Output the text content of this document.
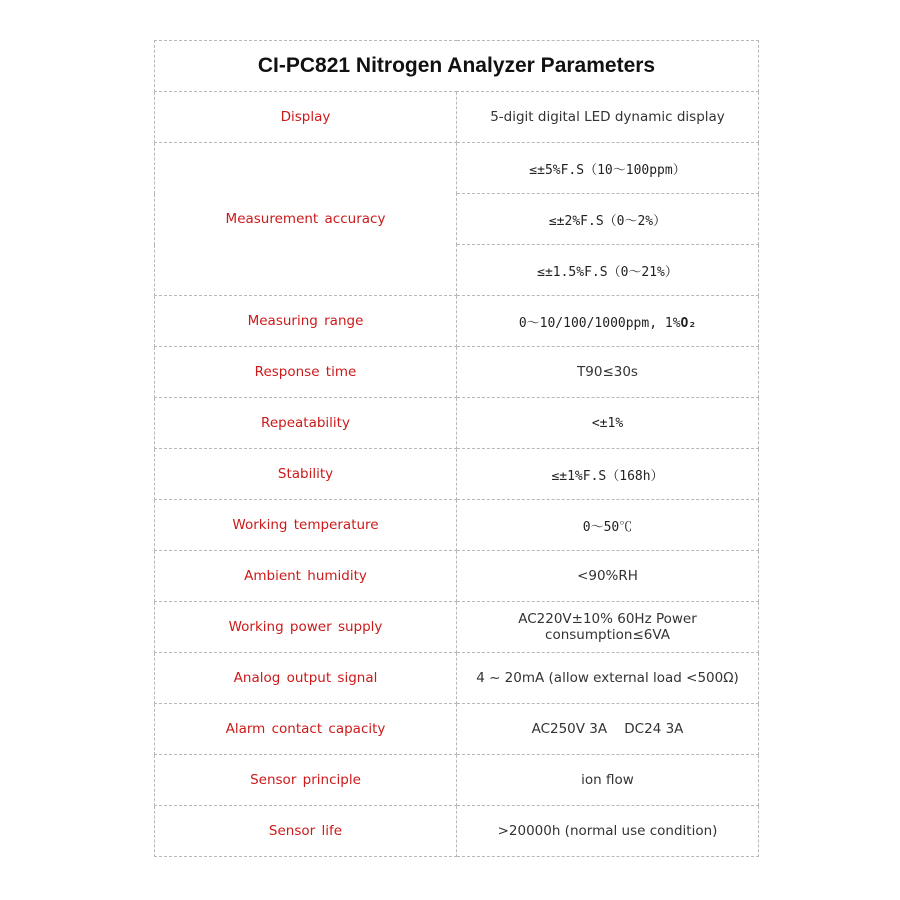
CI-PC821 Nitrogen Analyzer Parameters	
Display	5-digit digital LED dynamic display
Measurement accuracy	≤±5%F.S（10～100ppm）
	≤±2%F.S（0～2%）
	≤±1.5%F.S（0～21%）
Measuring range	0～10/100/1000ppm, 1%O₂
Response time	T90≤30s
Repeatability	<±1%
Stability	≤±1%F.S（168h）
Working temperature	0～50℃
Ambient humidity	<90%RH
Working power supply	AC220V±10% 60Hz Power consumption≤6VA
Analog output signal	4 ~ 20mA (allow external load <500Ω)
Alarm contact capacity	AC250V 3A    DC24 3A
Sensor principle	ion flow
Sensor life	>20000h (normal use condition)
